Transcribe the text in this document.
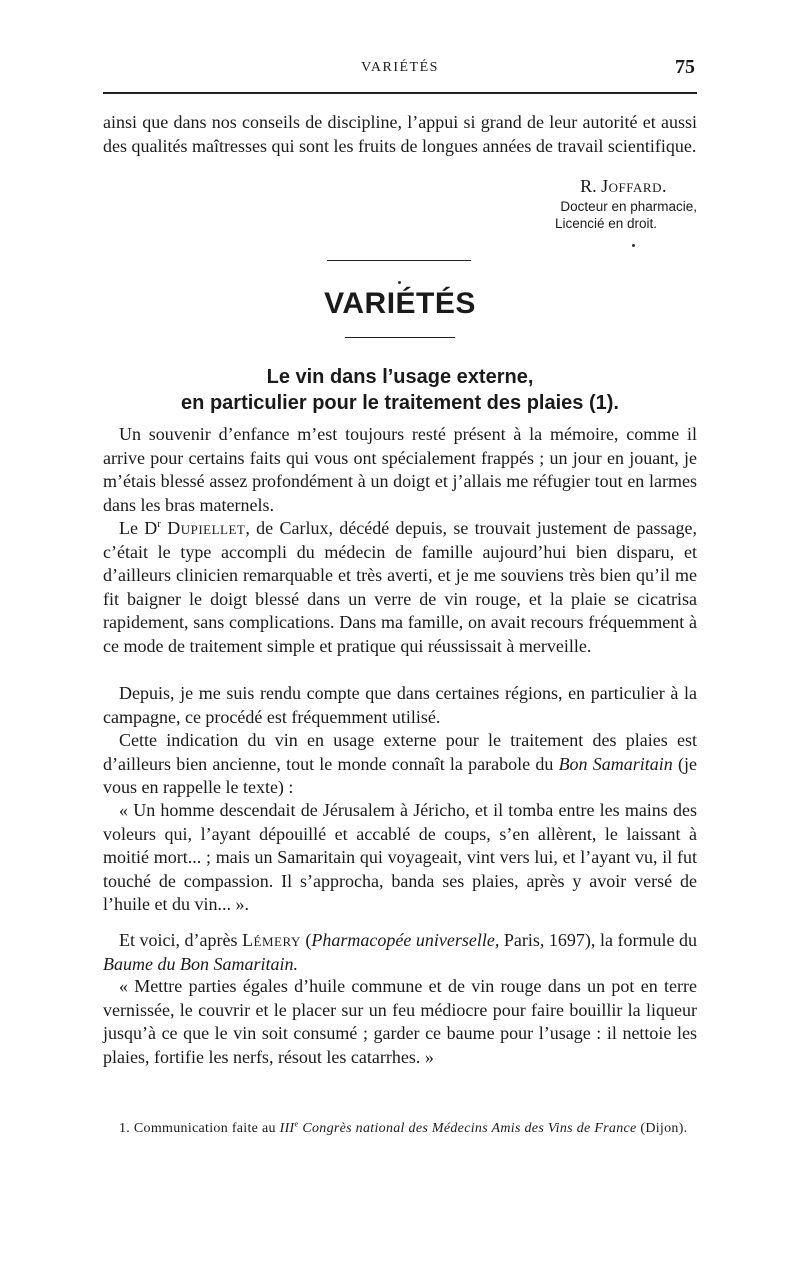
VARIÉTÉS	75

ainsi que dans nos conseils de discipline, l’appui si grand de leur autorité et aussi des qualités maîtresses qui sont les fruits de longues années de travail scientifique.

R. Joffard.
Docteur en pharmacie,
Licencié en droit.
VARIÉTÉS
Le vin dans l’usage externe,
en particulier pour le traitement des plaies (1).

Un souvenir d’enfance m’est toujours resté présent à la mémoire, comme il arrive pour certains faits qui vous ont spécialement frappés ; un jour en jouant, je m’étais blessé assez profondément à un doigt et j’allais me réfugier tout en larmes dans les bras maternels.

Le $D^r$ Dupiellet, de Carlux, décédé depuis, se trouvait justement de passage, c’était le type accompli du médecin de famille aujourd’hui bien disparu, et d’ailleurs clinicien remarquable et très averti, et je me souviens très bien qu’il me fit baigner le doigt blessé dans un verre de vin rouge, et la plaie se cicatrisa rapidement, sans complications. Dans ma famille, on avait recours fréquemment à ce mode de traitement simple et pratique qui réussissait à merveille.

Depuis, je me suis rendu compte que dans certaines régions, en particulier à la campagne, ce procédé est fréquemment utilisé.

Cette indication du vin en usage externe pour le traitement des plaies est d’ailleurs bien ancienne, tout le monde connaît la parabole du Bon Samaritain (je vous en rappelle le texte) :

« Un homme descendait de Jérusalem à Jéricho, et il tomba entre les mains des voleurs qui, l’ayant dépouillé et accablé de coups, s’en allèrent, le laissant à moitié mort... ; mais un Samaritain qui voyageait, vint vers lui, et l’ayant vu, il fut touché de compassion. Il s’approcha, banda ses plaies, après y avoir versé de l’huile et du vin... ».

Et voici, d’après Lémery (Pharmacopée universelle, Paris, 1697), la formule du Baume du Bon Samaritain.

« Mettre parties égales d’huile commune et de vin rouge dans un pot en terre vernissée, le couvrir et le placer sur un feu médiocre pour faire bouillir la liqueur jusqu’à ce que le vin soit consumé ; garder ce baume pour l’usage : il nettoie les plaies, fortifie les nerfs, résout les catarrhes. »

1. Communication faite au IIIe Congrès national des Médecins Amis des Vins de France (Dijon).
